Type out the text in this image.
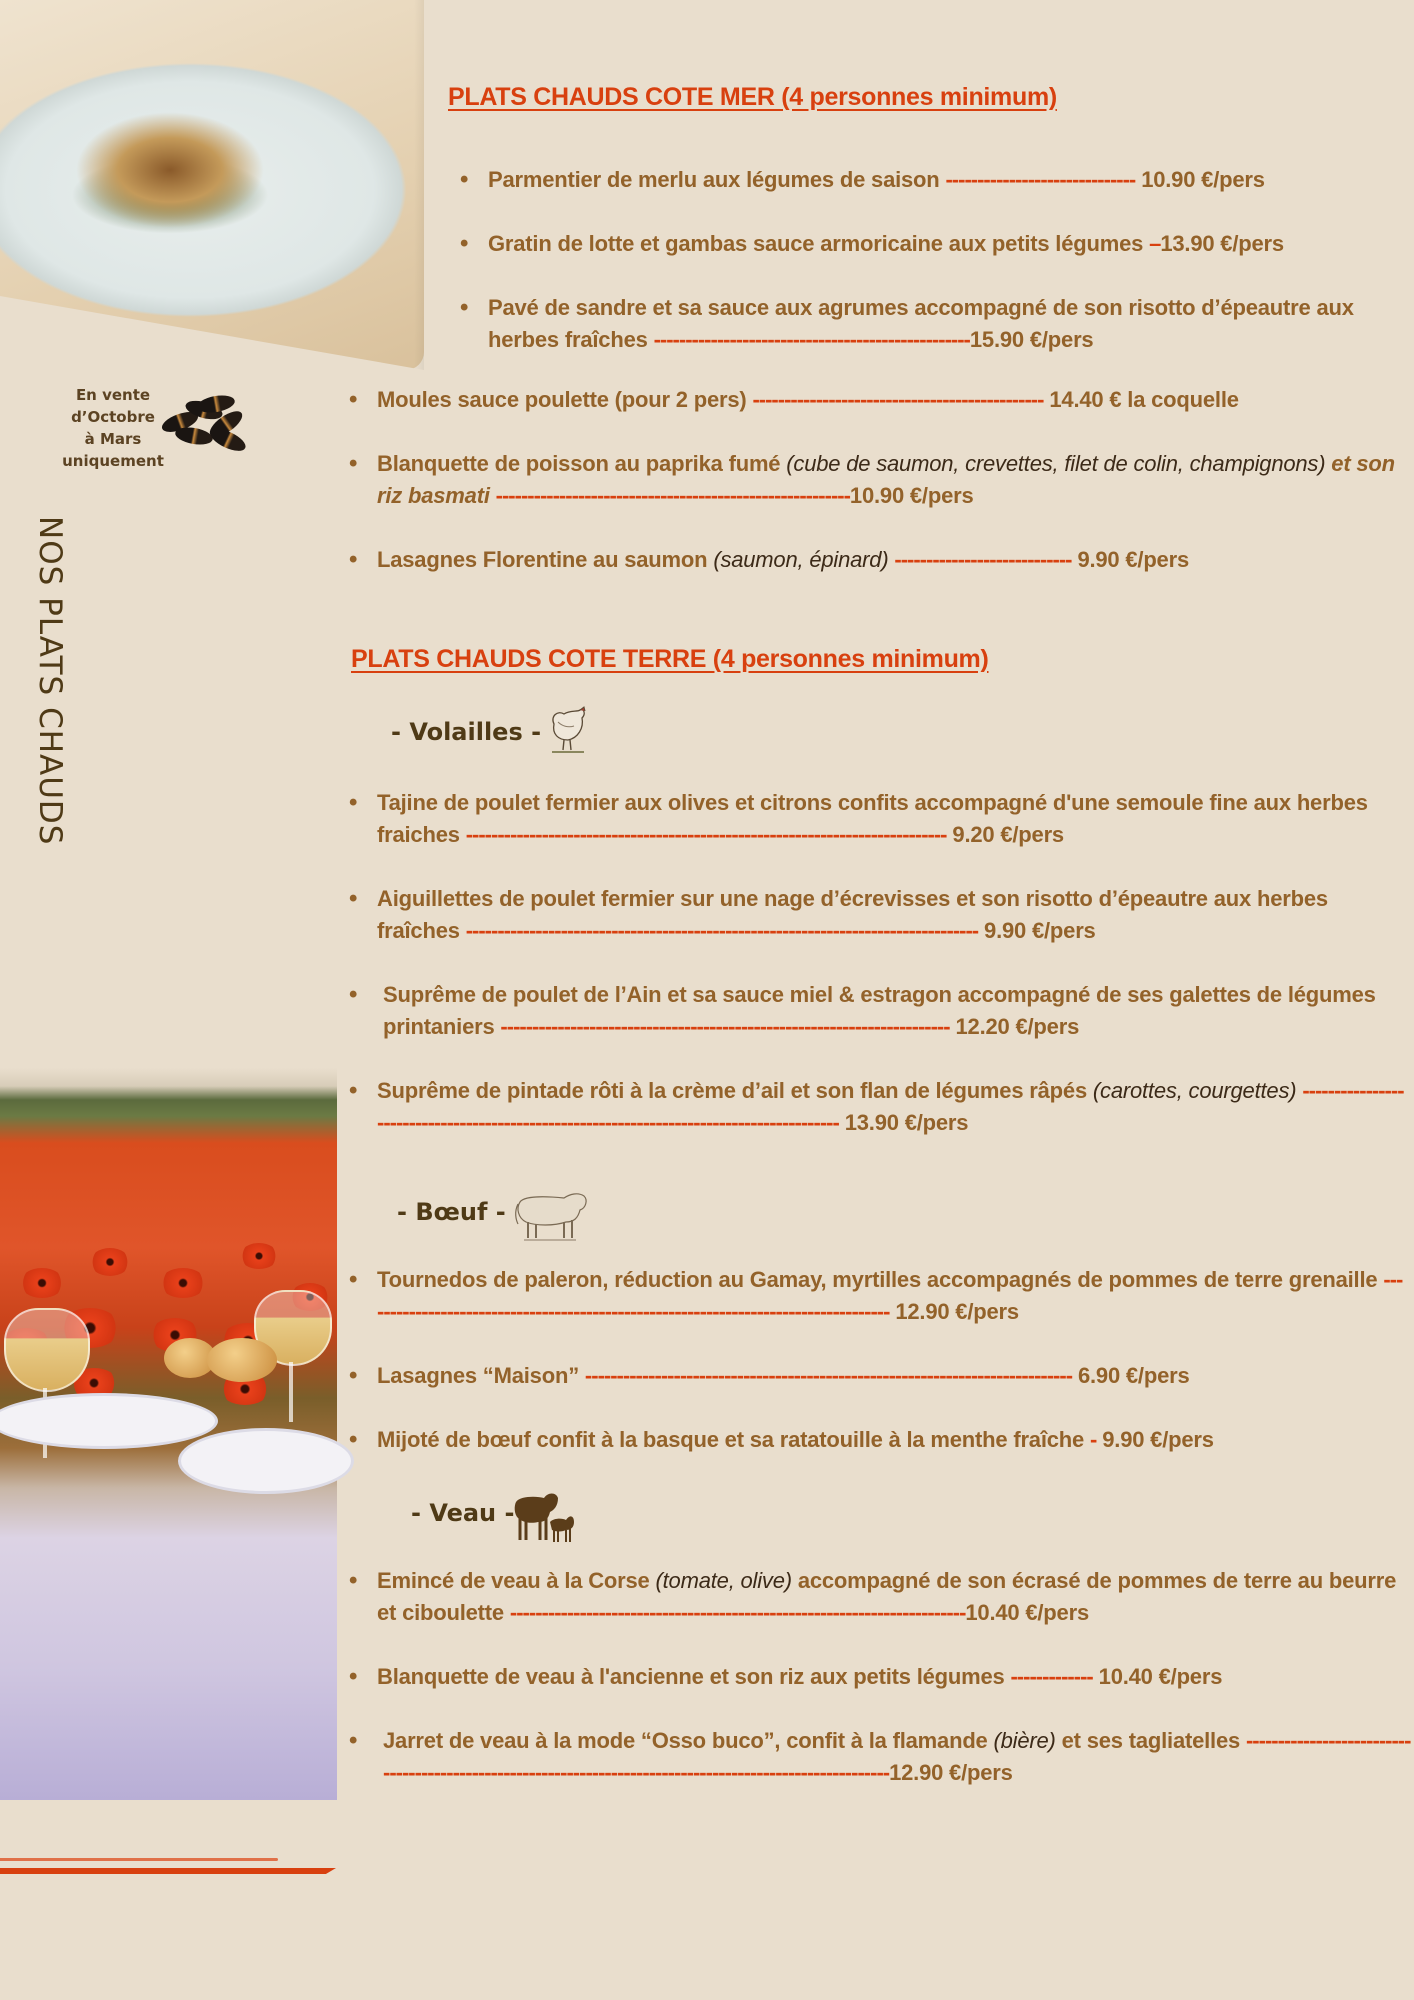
En vente
d’Octobre
à Mars
uniquement
NOS PLATS CHAUDS
PLATS CHAUDS COTE MER (4 personnes minimum)
• Parmentier de merlu aux légumes de saison ------------------------------ 10.90 €/pers
• Gratin de lotte et gambas sauce armoricaine aux petits légumes –13.90 €/pers
• Pavé de sandre et sa sauce aux agrumes accompagné de son risotto d’épeautre aux herbes fraîches --------------------------------------------------15.90 €/pers
• Moules sauce poulette (pour 2 pers) ---------------------------------------------- 14.40 € la coquelle
• Blanquette de poisson au paprika fumé (cube de saumon, crevettes, filet de colin, champignons) et son riz basmati --------------------------------------------------------10.90 €/pers
• Lasagnes Florentine au saumon (saumon, épinard) ---------------------------- 9.90 €/pers
PLATS CHAUDS COTE TERRE (4 personnes minimum)
- Volailles -
• Tajine de poulet fermier aux olives et citrons confits accompagné d'une semoule fine aux herbes fraiches ---------------------------------------------------------------------------- 9.20 €/pers
• Aiguillettes de poulet fermier sur une nage d’écrevisses et son risotto d’épeautre aux herbes fraîches --------------------------------------------------------------------------------- 9.90 €/pers
• Suprême de poulet de l’Ain et sa sauce miel & estragon accompagné de ses galettes de légumes printaniers ----------------------------------------------------------------------- 12.20 €/pers
• Suprême de pintade rôti à la crème d’ail et son flan de légumes râpés (carottes, courgettes) ----------------------------------------------------------------------------------------- 13.90 €/pers
- Bœuf -
• Tournedos de paleron, réduction au Gamay, myrtilles accompagnés de pommes de terre grenaille ------------------------------------------------------------------------------------ 12.90 €/pers
• Lasagnes “Maison” ----------------------------------------------------------------------------- 6.90 €/pers
• Mijoté de bœuf confit à la basque et sa ratatouille à la menthe fraîche - 9.90 €/pers
- Veau -
• Emincé de veau à la Corse (tomate, olive) accompagné de son écrasé de pommes de terre au beurre et ciboulette ------------------------------------------------------------------------10.40 €/pers
• Blanquette de veau à l'ancienne et son riz aux petits légumes ------------- 10.40 €/pers
• Jarret de veau à la mode “Osso buco”, confit à la flamande (bière) et ses tagliatelles ----------------------------------------------------------------------------------------------------------12.90 €/pers
